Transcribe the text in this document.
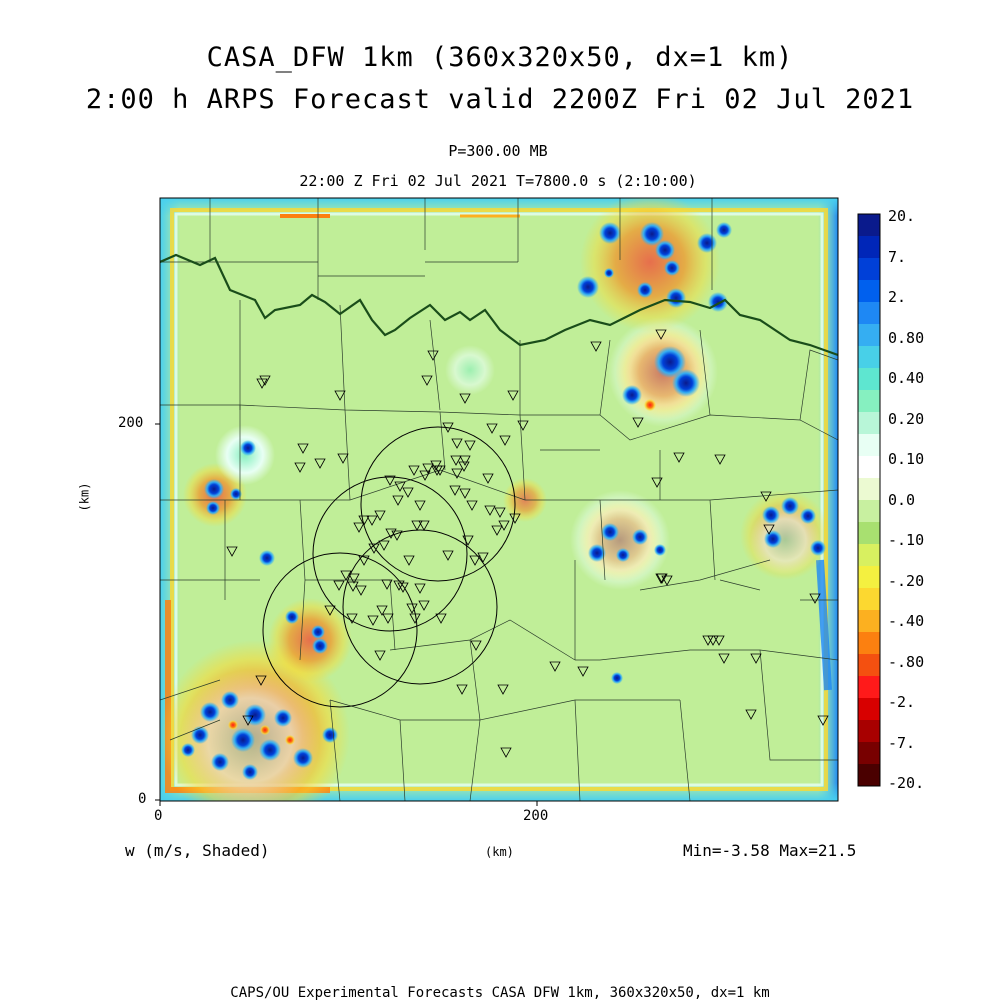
CASA_DFW 1km (360x320x50, dx=1 km)
2:00 h ARPS Forecast valid 2200Z Fri 02 Jul 2021
P=300.00 MB
22:00 Z Fri 02 Jul 2021 T=7800.0 s (2:10:00)
200
0
0	200
(km)
(km)
w (m/s, Shaded)	Min=-3.58 Max=21.5
CAPS/OU Experimental Forecasts CASA DFW 1km, 360x320x50, dx=1 km
20.
7.
2.
0.80
0.40
0.20
0.10
0.0
-.10
-.20
-.40
-.80
-2.
-7.
-20.
